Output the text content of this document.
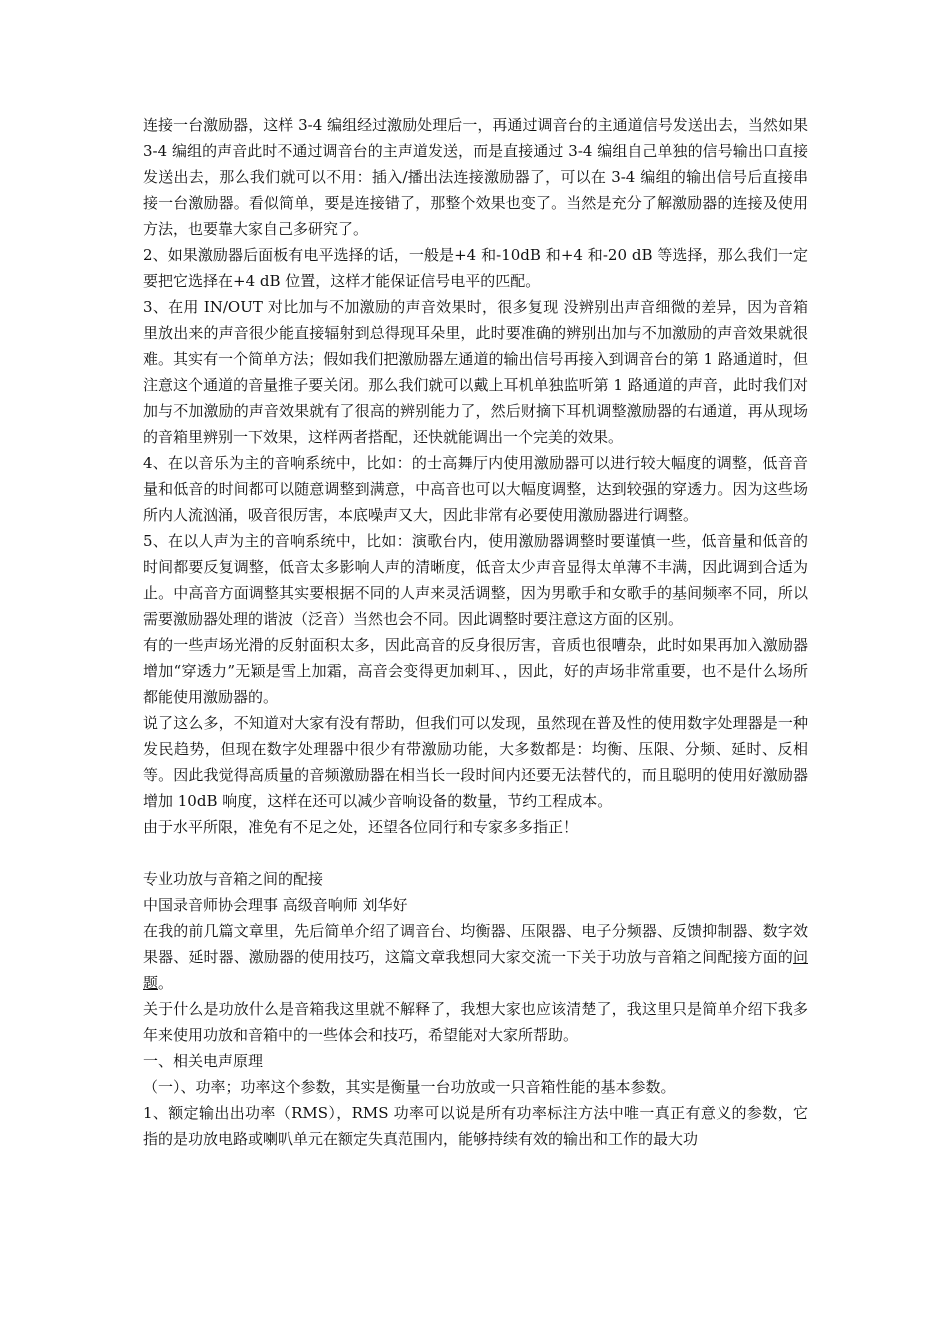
连接一台激励器，这样 3-4 编组经过激励处理后一，再通过调音台的主通道信号发送出去，当然如果 3-4 编组的声音此时不通过调音台的主声道发送，而是直接通过 3-4 编组自己单独的信号输出口直接发送出去，那么我们就可以不用：插入/播出法连接激励器了，可以在 3-4 编组的输出信号后直接串接一台激励器。看似简单，要是连接错了，那整个效果也变了。当然是充分了解激励器的连接及使用方法，也要靠大家自己多研究了。

2、如果激励器后面板有电平选择的话，一般是+4 和-10dB 和+4 和-20 dB 等选择，那么我们一定要把它选择在+4 dB 位置，这样才能保证信号电平的匹配。

3、在用 IN/OUT 对比加与不加激励的声音效果时，很多复现 没辨别出声音细微的差异，因为音箱里放出来的声音很少能直接辐射到总得现耳朵里，此时要准确的辨别出加与不加激励的声音效果就很难。其实有一个简单方法；假如我们把激励器左通道的输出信号再接入到调音台的第 1 路通道时，但注意这个通道的音量推子要关闭。那么我们就可以戴上耳机单独监听第 1 路通道的声音，此时我们对加与不加激励的声音效果就有了很高的辨别能力了，然后财摘下耳机调整激励器的右通道，再从现场的音箱里辨别一下效果，这样两者搭配，还快就能调出一个完美的效果。

4、在以音乐为主的音响系统中，比如：的士高舞厅内使用激励器可以进行较大幅度的调整，低音音量和低音的时间都可以随意调整到满意，中高音也可以大幅度调整，达到较强的穿透力。因为这些场所内人流汹涌，吸音很厉害，本底噪声又大，因此非常有必要使用激励器进行调整。

5、在以人声为主的音响系统中，比如：演歌台内，使用激励器调整时要谨慎一些，低音量和低音的时间都要反复调整，低音太多影响人声的清晰度，低音太少声音显得太单薄不丰满，因此调到合适为止。中高音方面调整其实要根据不同的人声来灵活调整，因为男歌手和女歌手的基间频率不同，所以需要激励器处理的谐波（泛音）当然也会不同。因此调整时要注意这方面的区别。

有的一些声场光滑的反射面积太多，因此高音的反身很厉害，音质也很嘈杂，此时如果再加入激励器增加“穿透力”无颖是雪上加霜，高音会变得更加刺耳、，因此，好的声场非常重要，也不是什么场所都能使用激励器的。

说了这么多，不知道对大家有没有帮助，但我们可以发现，虽然现在普及性的使用数字处理器是一种发民趋势，但现在数字处理器中很少有带激励功能，大多数都是：均衡、压限、分频、延时、反相等。因此我觉得高质量的音频激励器在相当长一段时间内还要无法替代的，而且聪明的使用好激励器增加 10dB 响度，这样在还可以减少音响设备的数量，节约工程成本。

由于水平所限，准免有不足之处，还望各位同行和专家多多指正！

专业功放与音箱之间的配接

中国录音师协会理事 高级音响师 刘华好

在我的前几篇文章里，先后简单介绍了调音台、均衡器、压限器、电子分频器、反馈抑制器、数字效果器、延时器、激励器的使用技巧，这篇文章我想同大家交流一下关于功放与音箱之间配接方面的问题。

关于什么是功放什么是音箱我这里就不解释了，我想大家也应该清楚了，我这里只是简单介绍下我多年来使用功放和音箱中的一些体会和技巧，希望能对大家所帮助。

一、相关电声原理

（一）、功率；功率这个参数，其实是衡量一台功放或一只音箱性能的基本参数。

1、额定输出出功率（RMS），RMS 功率可以说是所有功率标注方法中唯一真正有意义的参数，它指的是功放电路或喇叭单元在额定失真范围内，能够持续有效的输出和工作的最大功
